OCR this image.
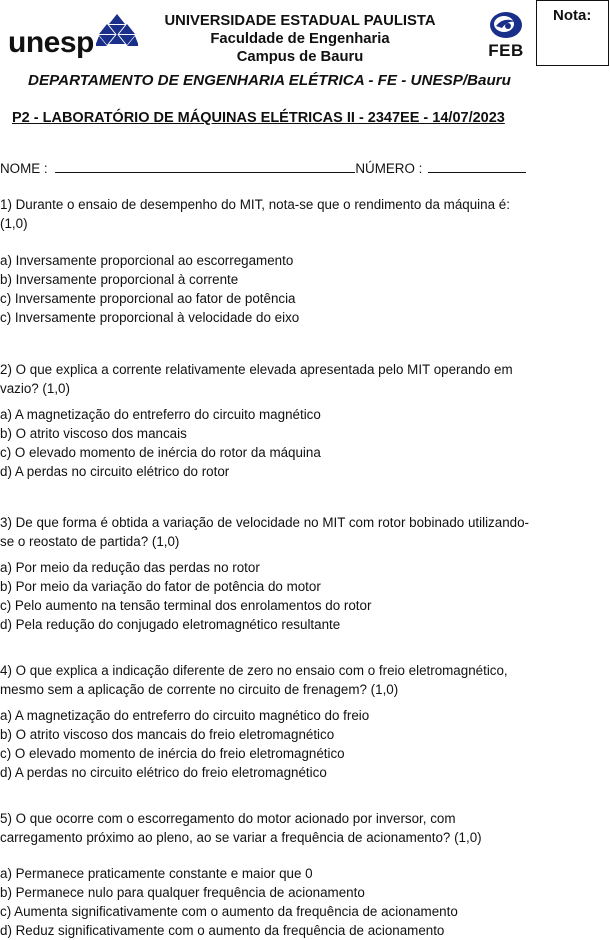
unesp
UNIVERSIDADE ESTADUAL PAULISTA
Faculdade de Engenharia
Campus de Bauru	FEB
Nota:
DEPARTAMENTO DE ENGENHARIA ELÉTRICA - FE - UNESP/Bauru
P2 - LABORATÓRIO DE MÁQUINAS ELÉTRICAS II - 2347EE - 14/07/2023
NOME :	NÚMERO :
1) Durante o ensaio de desempenho do MIT, nota-se que o rendimento da máquina é:
(1,0)
a) Inversamente proporcional ao escorregamento
b) Inversamente proporcional à corrente
c) Inversamente proporcional ao fator de potência
c) Inversamente proporcional à velocidade do eixo
2) O que explica a corrente relativamente elevada apresentada pelo MIT operando em
vazio? (1,0)
a) A magnetização do entreferro do circuito magnético
b) O atrito viscoso dos mancais
c) O elevado momento de inércia do rotor da máquina
d) A perdas no circuito elétrico do rotor
3) De que forma é obtida a variação de velocidade no MIT com rotor bobinado utilizando-
se o reostato de partida? (1,0)
a) Por meio da redução das perdas no rotor
b) Por meio da variação do fator de potência do motor
c) Pelo aumento na tensão terminal dos enrolamentos do rotor
d) Pela redução do conjugado eletromagnético resultante
4) O que explica a indicação diferente de zero no ensaio com o freio eletromagnético,
mesmo sem a aplicação de corrente no circuito de frenagem? (1,0)
a) A magnetização do entreferro do circuito magnético do freio
b) O atrito viscoso dos mancais do freio eletromagnético
c) O elevado momento de inércia do freio eletromagnético
d) A perdas no circuito elétrico do freio eletromagnético
5) O que ocorre com o escorregamento do motor acionado por inversor, com
carregamento próximo ao pleno, ao se variar a frequência de acionamento? (1,0)
a) Permanece praticamente constante e maior que 0
b) Permanece nulo para qualquer frequência de acionamento
c) Aumenta significativamente com o aumento da frequência de acionamento
d) Reduz significativamente com o aumento da frequência de acionamento
